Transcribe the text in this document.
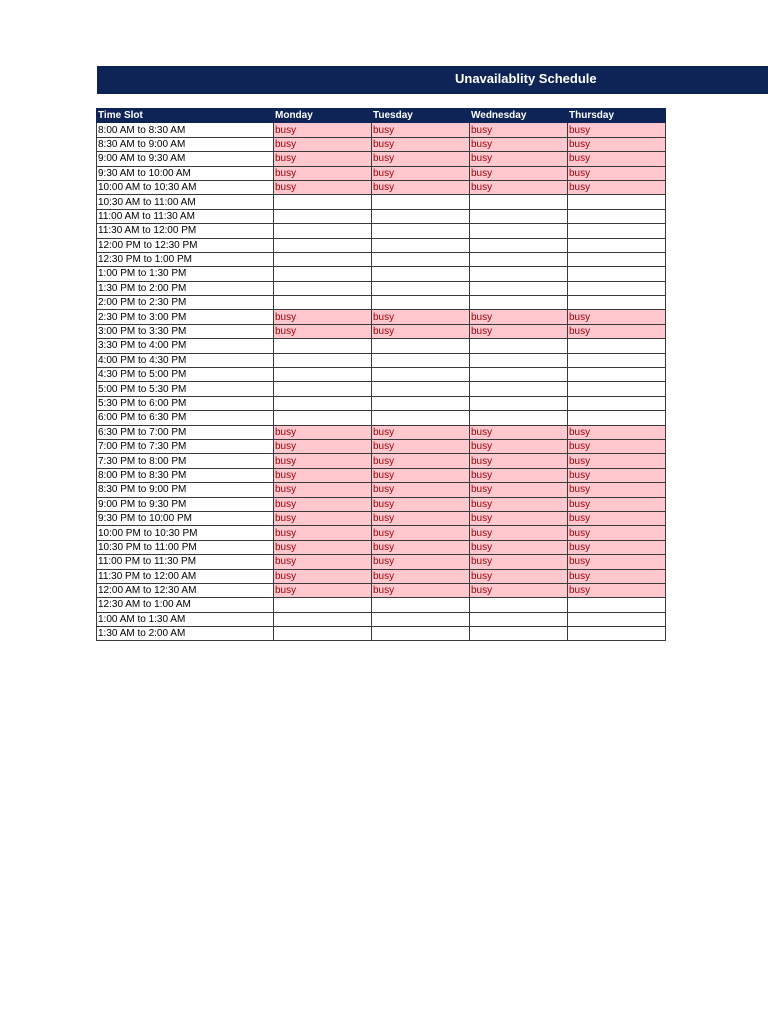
Unavailablity Schedule
Time Slot	Monday	Tuesday	Wednesday	Thursday
8:00 AM to 8:30 AM	busy	busy	busy	busy
8:30 AM to 9:00 AM	busy	busy	busy	busy
9:00 AM to 9:30 AM	busy	busy	busy	busy
9:30 AM to 10:00 AM	busy	busy	busy	busy
10:00 AM to 10:30 AM	busy	busy	busy	busy
10:30 AM to 11:00 AM				
11:00 AM to 11:30 AM				
11:30 AM to 12:00 PM				
12:00 PM to 12:30 PM				
12:30 PM to 1:00 PM				
1:00 PM to 1:30 PM				
1:30 PM to 2:00 PM				
2:00 PM to 2:30 PM				
2:30 PM to 3:00 PM	busy	busy	busy	busy
3:00 PM to 3:30 PM	busy	busy	busy	busy
3:30 PM to 4:00 PM				
4:00 PM to 4:30 PM				
4:30 PM to 5:00 PM				
5:00 PM to 5:30 PM				
5:30 PM to 6:00 PM				
6:00 PM to 6:30 PM				
6:30 PM to 7:00 PM	busy	busy	busy	busy
7:00 PM to 7:30 PM	busy	busy	busy	busy
7:30 PM to 8:00 PM	busy	busy	busy	busy
8:00 PM to 8:30 PM	busy	busy	busy	busy
8:30 PM to 9:00 PM	busy	busy	busy	busy
9:00 PM to 9:30 PM	busy	busy	busy	busy
9:30 PM to 10:00 PM	busy	busy	busy	busy
10:00 PM to 10:30 PM	busy	busy	busy	busy
10:30 PM to 11:00 PM	busy	busy	busy	busy
11:00 PM to 11:30 PM	busy	busy	busy	busy
11:30 PM to 12:00 AM	busy	busy	busy	busy
12:00 AM to 12:30 AM	busy	busy	busy	busy
12:30 AM to 1:00 AM				
1:00 AM to 1:30 AM				
1:30 AM to 2:00 AM				
